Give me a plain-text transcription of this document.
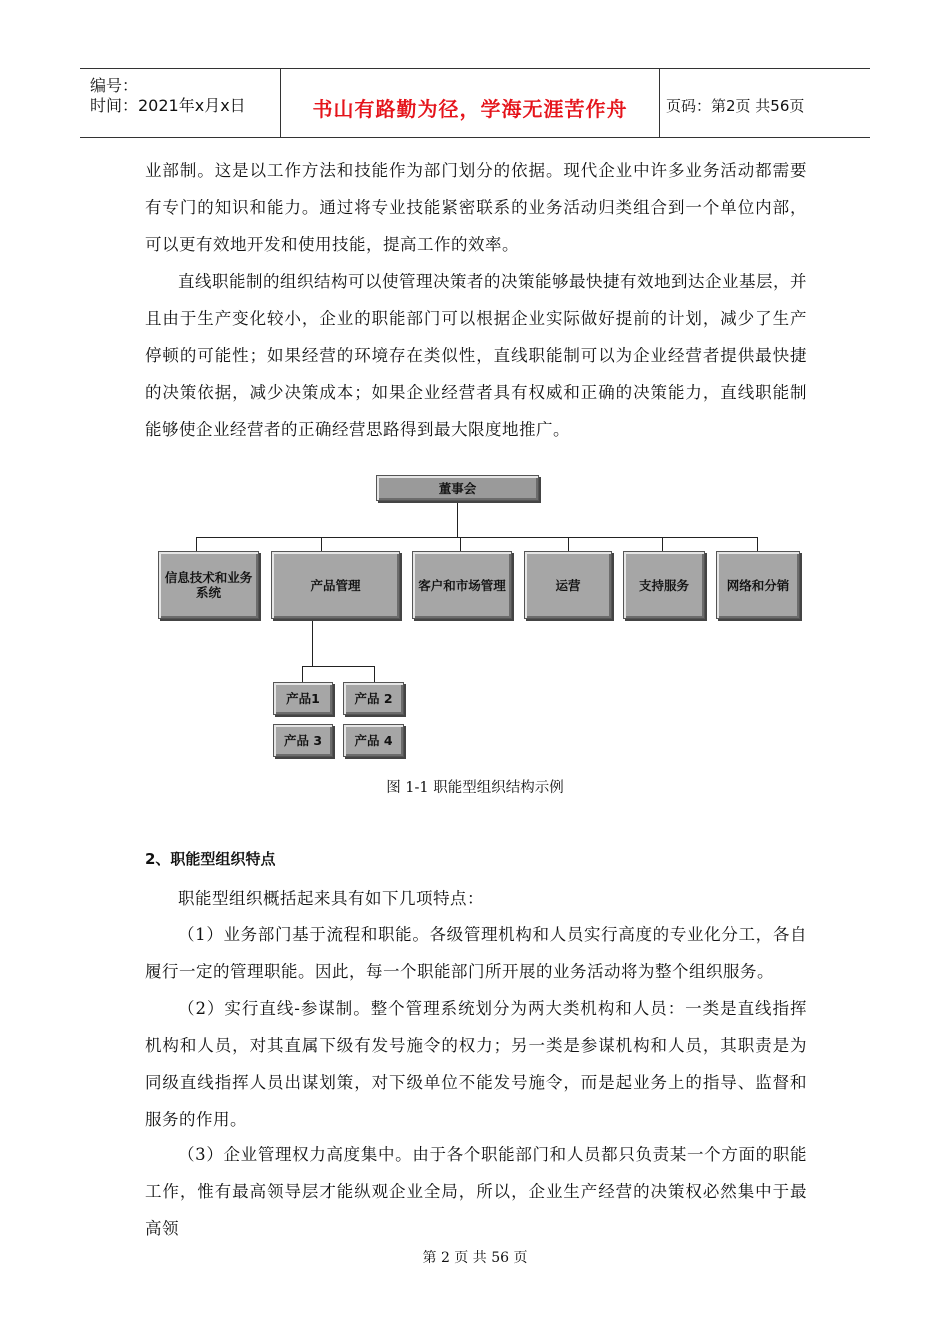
编号：
时间：2021年x月x日	书山有路勤为径，学海无涯苦作舟	页码：第2页 共56页

业部制。这是以工作方法和技能作为部门划分的依据。现代企业中许多业务活动都需要有专门的知识和能力。通过将专业技能紧密联系的业务活动归类组合到一个单位内部，可以更有效地开发和使用技能，提高工作的效率。

直线职能制的组织结构可以使管理决策者的决策能够最快捷有效地到达企业基层，并且由于生产变化较小，企业的职能部门可以根据企业实际做好提前的计划，减少了生产停顿的可能性；如果经营的环境存在类似性，直线职能制可以为企业经营者提供最快捷的决策依据，减少决策成本；如果企业经营者具有权威和正确的决策能力，直线职能制能够使企业经营者的正确经营思路得到最大限度地推广。

董事会
信息技术和业务系统	产品管理	客户和市场管理	运营	支持服务	网络和分销
产品1	产品 2
产品 3	产品 4
图 1-1 职能型组织结构示例
2、职能型组织特点

职能型组织概括起来具有如下几项特点：

（1）业务部门基于流程和职能。各级管理机构和人员实行高度的专业化分工，各自履行一定的管理职能。因此，每一个职能部门所开展的业务活动将为整个组织服务。

（2）实行直线-参谋制。整个管理系统划分为两大类机构和人员：一类是直线指挥机构和人员，对其直属下级有发号施令的权力；另一类是参谋机构和人员，其职责是为同级直线指挥人员出谋划策，对下级单位不能发号施令，而是起业务上的指导、监督和服务的作用。

（3）企业管理权力高度集中。由于各个职能部门和人员都只负责某一个方面的职能工作，惟有最高领导层才能纵观企业全局，所以，企业生产经营的决策权必然集中于最高领

第 2 页 共 56 页
